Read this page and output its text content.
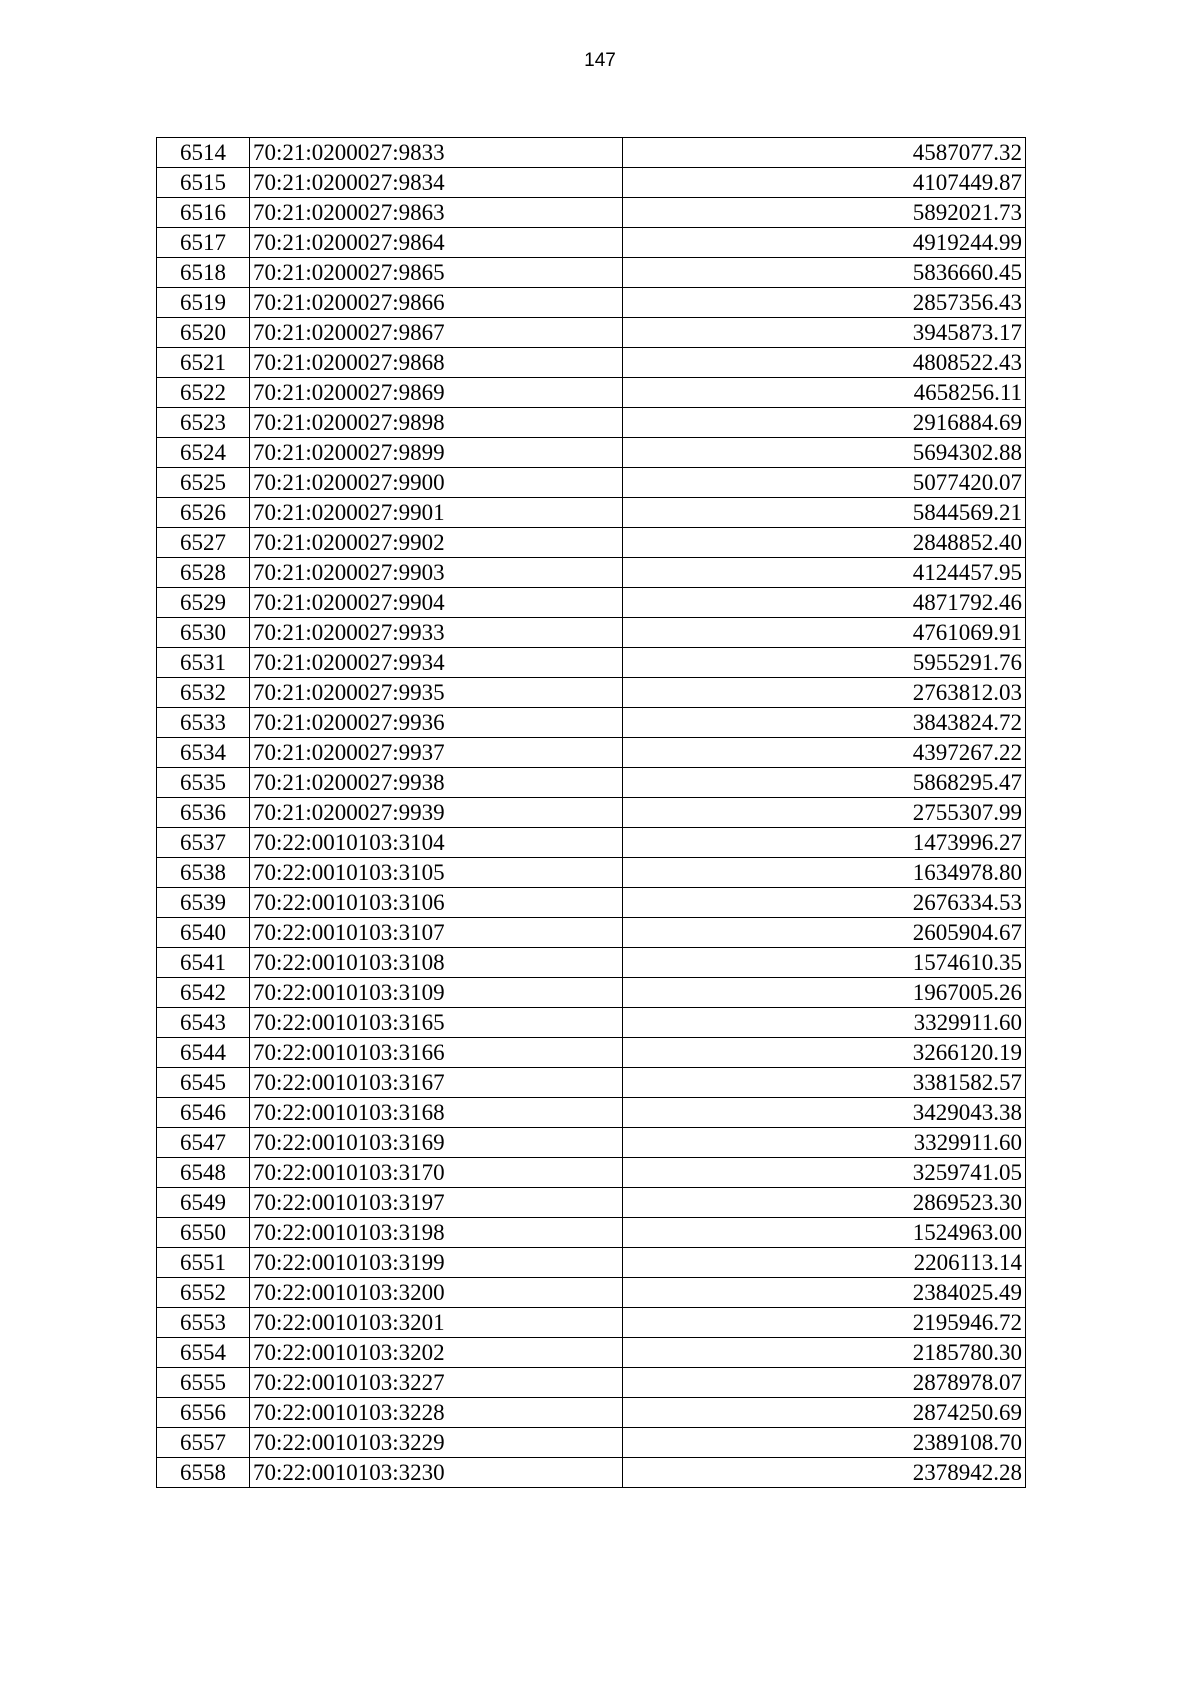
147
6514	70:21:0200027:9833	4587077.32
6515	70:21:0200027:9834	4107449.87
6516	70:21:0200027:9863	5892021.73
6517	70:21:0200027:9864	4919244.99
6518	70:21:0200027:9865	5836660.45
6519	70:21:0200027:9866	2857356.43
6520	70:21:0200027:9867	3945873.17
6521	70:21:0200027:9868	4808522.43
6522	70:21:0200027:9869	4658256.11
6523	70:21:0200027:9898	2916884.69
6524	70:21:0200027:9899	5694302.88
6525	70:21:0200027:9900	5077420.07
6526	70:21:0200027:9901	5844569.21
6527	70:21:0200027:9902	2848852.40
6528	70:21:0200027:9903	4124457.95
6529	70:21:0200027:9904	4871792.46
6530	70:21:0200027:9933	4761069.91
6531	70:21:0200027:9934	5955291.76
6532	70:21:0200027:9935	2763812.03
6533	70:21:0200027:9936	3843824.72
6534	70:21:0200027:9937	4397267.22
6535	70:21:0200027:9938	5868295.47
6536	70:21:0200027:9939	2755307.99
6537	70:22:0010103:3104	1473996.27
6538	70:22:0010103:3105	1634978.80
6539	70:22:0010103:3106	2676334.53
6540	70:22:0010103:3107	2605904.67
6541	70:22:0010103:3108	1574610.35
6542	70:22:0010103:3109	1967005.26
6543	70:22:0010103:3165	3329911.60
6544	70:22:0010103:3166	3266120.19
6545	70:22:0010103:3167	3381582.57
6546	70:22:0010103:3168	3429043.38
6547	70:22:0010103:3169	3329911.60
6548	70:22:0010103:3170	3259741.05
6549	70:22:0010103:3197	2869523.30
6550	70:22:0010103:3198	1524963.00
6551	70:22:0010103:3199	2206113.14
6552	70:22:0010103:3200	2384025.49
6553	70:22:0010103:3201	2195946.72
6554	70:22:0010103:3202	2185780.30
6555	70:22:0010103:3227	2878978.07
6556	70:22:0010103:3228	2874250.69
6557	70:22:0010103:3229	2389108.70
6558	70:22:0010103:3230	2378942.28
